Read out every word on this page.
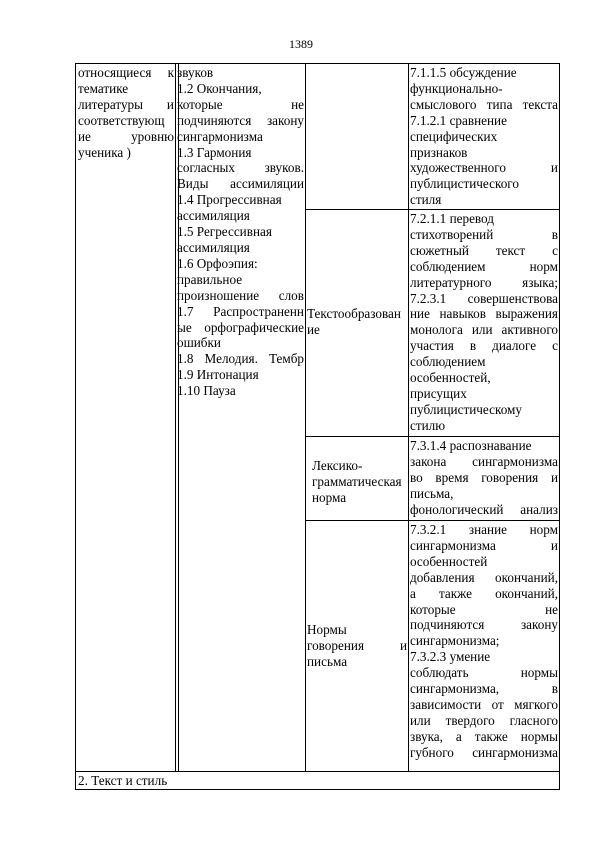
1389
относящиеся к
тематике
литературы и
соответствующ
ие уровню
ученика )
звуков
1.2 Окончания,
которые не
подчиняются закону
сингармонизма
1.3 Гармония
согласных звуков.
Виды ассимиляции
1.4 Прогрессивная
ассимиляция
1.5 Регрессивная
ассимиляция
1.6 Орфоэпия:
правильное
произношение слов
1.7 Распространенн
ые орфографические
ошибки
1.8 Мелодия. Тембр
1.9 Интонация
1.10 Пауза
7.1.1.5 обсуждение
функционально-
смыслового типа текста
7.1.2.1 сравнение
специфических
признаков
художественного и
публицистического
стиля
Текстообразован
ие
7.2.1.1 перевод
стихотворений в
сюжетный текст с
соблюдением норм
литературного языка;
7.2.3.1 совершенствова
ние навыков выражения
монолога или активного
участия в диалоге с
соблюдением
особенностей,
присущих
публицистическому
стилю
Лексико-
грамматическая
норма
7.3.1.4 распознавание
закона сингармонизма
во время говорения и
письма,
фонологический анализ
Нормы
говорения и
письма
7.3.2.1 знание норм
сингармонизма и
особенностей
добавления окончаний,
а также окончаний,
которые не
подчиняются закону
сингармонизма;
7.3.2.3 умение
соблюдать нормы
сингармонизма, в
зависимости от мягкого
или твердого гласного
звука, а также нормы
губного сингармонизма
2. Текст и стиль
